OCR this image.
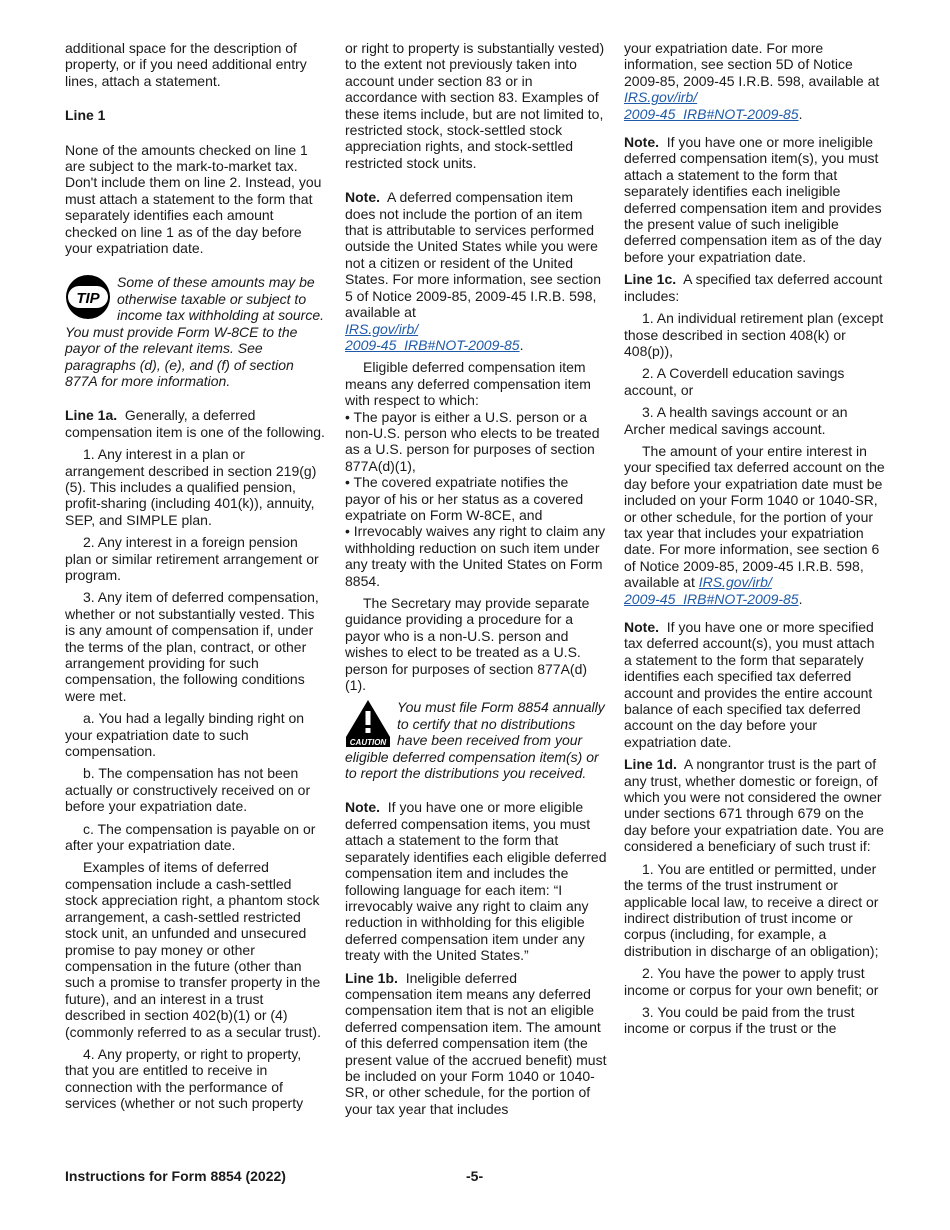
additional space for the description of property, or if you need additional entry lines, attach a statement.

Line 1

None of the amounts checked on line 1 are subject to the mark-to-market tax. Don't include them on line 2. Instead, you must attach a statement to the form that separately identifies each amount checked on line 1 as of the day before your expatriation date.

TIP
Some of these amounts may be otherwise taxable or subject to income tax withholding at source. You must provide Form W-8CE to the payor of the relevant items. See paragraphs (d), (e), and (f) of section 877A for more information.

Line 1a. Generally, a deferred compensation item is one of the following.

1. Any interest in a plan or arrangement described in section 219(g)(5). This includes a qualified pension, profit-sharing (including 401(k)), annuity, SEP, and SIMPLE plan.

2. Any interest in a foreign pension plan or similar retirement arrangement or program.

3. Any item of deferred compensation, whether or not substantially vested. This is any amount of compensation if, under the terms of the plan, contract, or other arrangement providing for such compensation, the following conditions were met.

a. You had a legally binding right on your expatriation date to such compensation.

b. The compensation has not been actually or constructively received on or before your expatriation date.

c. The compensation is payable on or after your expatriation date.

Examples of items of deferred compensation include a cash-settled stock appreciation right, a phantom stock arrangement, a cash-settled restricted stock unit, an unfunded and unsecured promise to pay money or other compensation in the future (other than such a promise to transfer property in the future), and an interest in a trust described in section 402(b)(1) or (4) (commonly referred to as a secular trust).

4. Any property, or right to property, that you are entitled to receive in connection with the performance of services (whether or not such property

or right to property is substantially vested) to the extent not previously taken into account under section 83 or in accordance with section 83. Examples of these items include, but are not limited to, restricted stock, stock-settled stock appreciation rights, and stock-settled restricted stock units.

Note. A deferred compensation item does not include the portion of an item that is attributable to services performed outside the United States while you were not a citizen or resident of the United States. For more information, see section 5 of Notice 2009-85, 2009-45 I.R.B. 598, available at
IRS.gov/irb/
2009-45_IRB#NOT-2009-85.

Eligible deferred compensation item means any deferred compensation item with respect to which:

• The payor is either a U.S. person or a non-U.S. person who elects to be treated as a U.S. person for purposes of section 877A(d)(1),
• The covered expatriate notifies the payor of his or her status as a covered expatriate on Form W-8CE, and

• Irrevocably waives any right to claim any withholding reduction on such item under any treaty with the United States on Form 8854.

The Secretary may provide separate guidance providing a procedure for a payor who is a non-U.S. person and wishes to elect to be treated as a U.S. person for purposes of section 877A(d)(1).

CAUTION
You must file Form 8854 annually to certify that no distributions have been received from your eligible deferred compensation item(s) or to report the distributions you received.

Note. If you have one or more eligible deferred compensation items, you must attach a statement to the form that separately identifies each eligible deferred compensation item and includes the following language for each item: “I irrevocably waive any right to claim any reduction in withholding for this eligible deferred compensation item under any treaty with the United States.”

Line 1b. Ineligible deferred compensation item means any deferred compensation item that is not an eligible deferred compensation item. The amount of this deferred compensation item (the present value of the accrued benefit) must be included on your Form 1040 or 1040-SR, or other schedule, for the portion of your tax year that includes

your expatriation date. For more information, see section 5D of Notice 2009-85, 2009-45 I.R.B. 598, available at IRS.gov/irb/
2009-45_IRB#NOT-2009-85.

Note. If you have one or more ineligible deferred compensation item(s), you must attach a statement to the form that separately identifies each ineligible deferred compensation item and provides the present value of such ineligible deferred compensation item as of the day before your expatriation date.

Line 1c. A specified tax deferred account includes:

1. An individual retirement plan (except those described in section 408(k) or 408(p)),

2. A Coverdell education savings account, or

3. A health savings account or an Archer medical savings account.

The amount of your entire interest in your specified tax deferred account on the day before your expatriation date must be included on your Form 1040 or 1040-SR, or other schedule, for the portion of your tax year that includes your expatriation date. For more information, see section 6 of Notice 2009-85, 2009-45 I.R.B. 598, available at IRS.gov/irb/
2009-45_IRB#NOT-2009-85.

Note. If you have one or more specified tax deferred account(s), you must attach a statement to the form that separately identifies each specified tax deferred account and provides the entire account balance of each specified tax deferred account on the day before your expatriation date.

Line 1d. A nongrantor trust is the part of any trust, whether domestic or foreign, of which you were not considered the owner under sections 671 through 679 on the day before your expatriation date. You are considered a beneficiary of such trust if:

1. You are entitled or permitted, under the terms of the trust instrument or applicable local law, to receive a direct or indirect distribution of trust income or corpus (including, for example, a distribution in discharge of an obligation);

2. You have the power to apply trust income or corpus for your own benefit; or

3. You could be paid from the trust income or corpus if the trust or the

Instructions for Form 8854 (2022)	-5-
